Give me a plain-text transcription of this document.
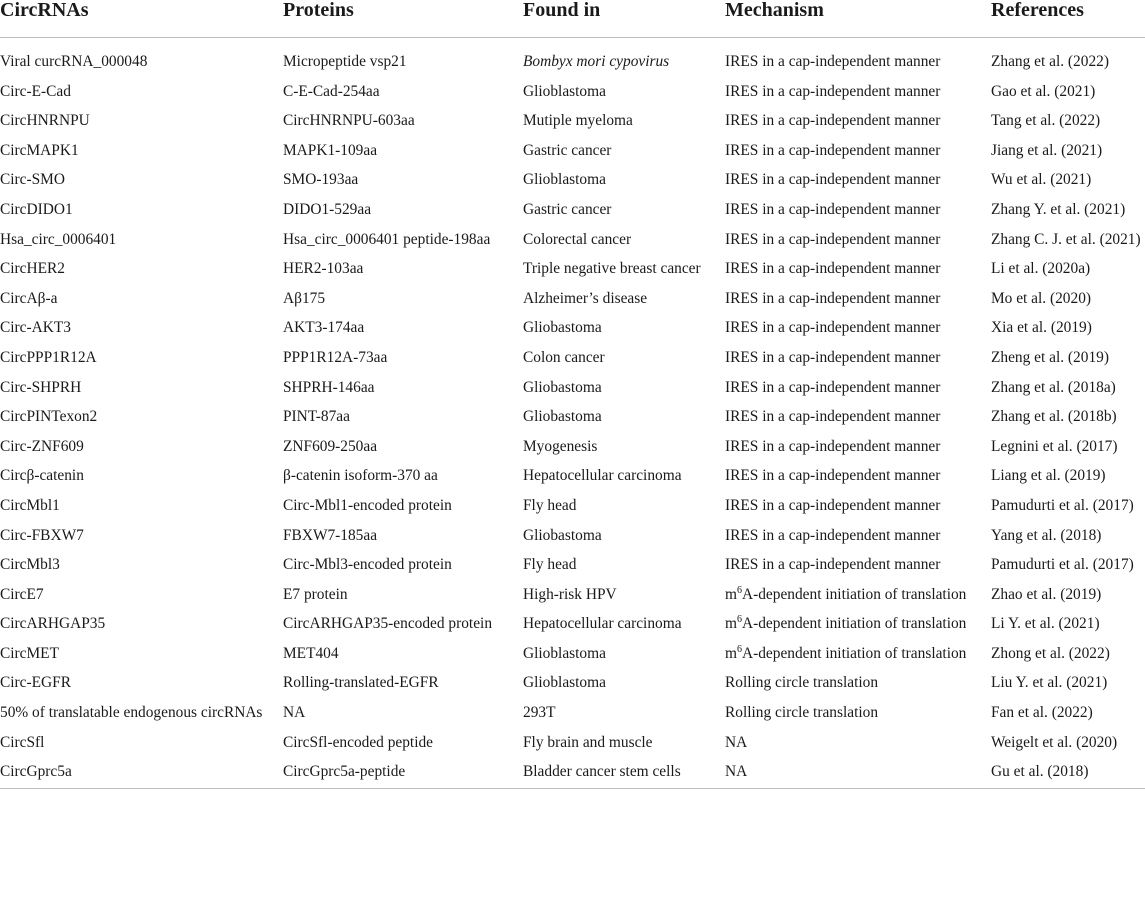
CircRNAs	Proteins	Found in	Mechanism	References

Viral curcRNA_000048	Micropeptide vsp21	Bombyx mori cypovirus	IRES in a cap-independent manner	Zhang et al. (2022)
Circ-E-Cad	C-E-Cad-254aa	Glioblastoma	IRES in a cap-independent manner	Gao et al. (2021)
CircHNRNPU	CircHNRNPU-603aa	Mutiple myeloma	IRES in a cap-independent manner	Tang et al. (2022)
CircMAPK1	MAPK1-109aa	Gastric cancer	IRES in a cap-independent manner	Jiang et al. (2021)
Circ-SMO	SMO-193aa	Glioblastoma	IRES in a cap-independent manner	Wu et al. (2021)
CircDIDO1	DIDO1-529aa	Gastric cancer	IRES in a cap-independent manner	Zhang Y. et al. (2021)
Hsa_circ_0006401	Hsa_circ_0006401 peptide-198aa	Colorectal cancer	IRES in a cap-independent manner	Zhang C. J. et al. (2021)
CircHER2	HER2-103aa	Triple negative breast cancer	IRES in a cap-independent manner	Li et al. (2020a)
CircAβ-a	Aβ175	Alzheimer’s disease	IRES in a cap-independent manner	Mo et al. (2020)
Circ-AKT3	AKT3-174aa	Gliobastoma	IRES in a cap-independent manner	Xia et al. (2019)
CircPPP1R12A	PPP1R12A-73aa	Colon cancer	IRES in a cap-independent manner	Zheng et al. (2019)
Circ-SHPRH	SHPRH-146aa	Gliobastoma	IRES in a cap-independent manner	Zhang et al. (2018a)
CircPINTexon2	PINT-87aa	Gliobastoma	IRES in a cap-independent manner	Zhang et al. (2018b)
Circ-ZNF609	ZNF609-250aa	Myogenesis	IRES in a cap-independent manner	Legnini et al. (2017)
Circβ-catenin	β-catenin isoform-370 aa	Hepatocellular carcinoma	IRES in a cap-independent manner	Liang et al. (2019)
CircMbl1	Circ-Mbl1-encoded protein	Fly head	IRES in a cap-independent manner	Pamudurti et al. (2017)
Circ-FBXW7	FBXW7-185aa	Gliobastoma	IRES in a cap-independent manner	Yang et al. (2018)
CircMbl3	Circ-Mbl3-encoded protein	Fly head	IRES in a cap-independent manner	Pamudurti et al. (2017)
CircE7	E7 protein	High-risk HPV	$m^6A$-dependent initiation of translation	Zhao et al. (2019)
CircARHGAP35	CircARHGAP35-encoded protein	Hepatocellular carcinoma	$m^6A$-dependent initiation of translation	Li Y. et al. (2021)
CircMET	MET404	Glioblastoma	$m^6A$-dependent initiation of translation	Zhong et al. (2022)
Circ-EGFR	Rolling-translated-EGFR	Glioblastoma	Rolling circle translation	Liu Y. et al. (2021)
50% of translatable endogenous circRNAs	NA	293T	Rolling circle translation	Fan et al. (2022)
CircSfl	CircSfl-encoded peptide	Fly brain and muscle	NA	Weigelt et al. (2020)
CircGprc5a	CircGprc5a-peptide	Bladder cancer stem cells	NA	Gu et al. (2018)
